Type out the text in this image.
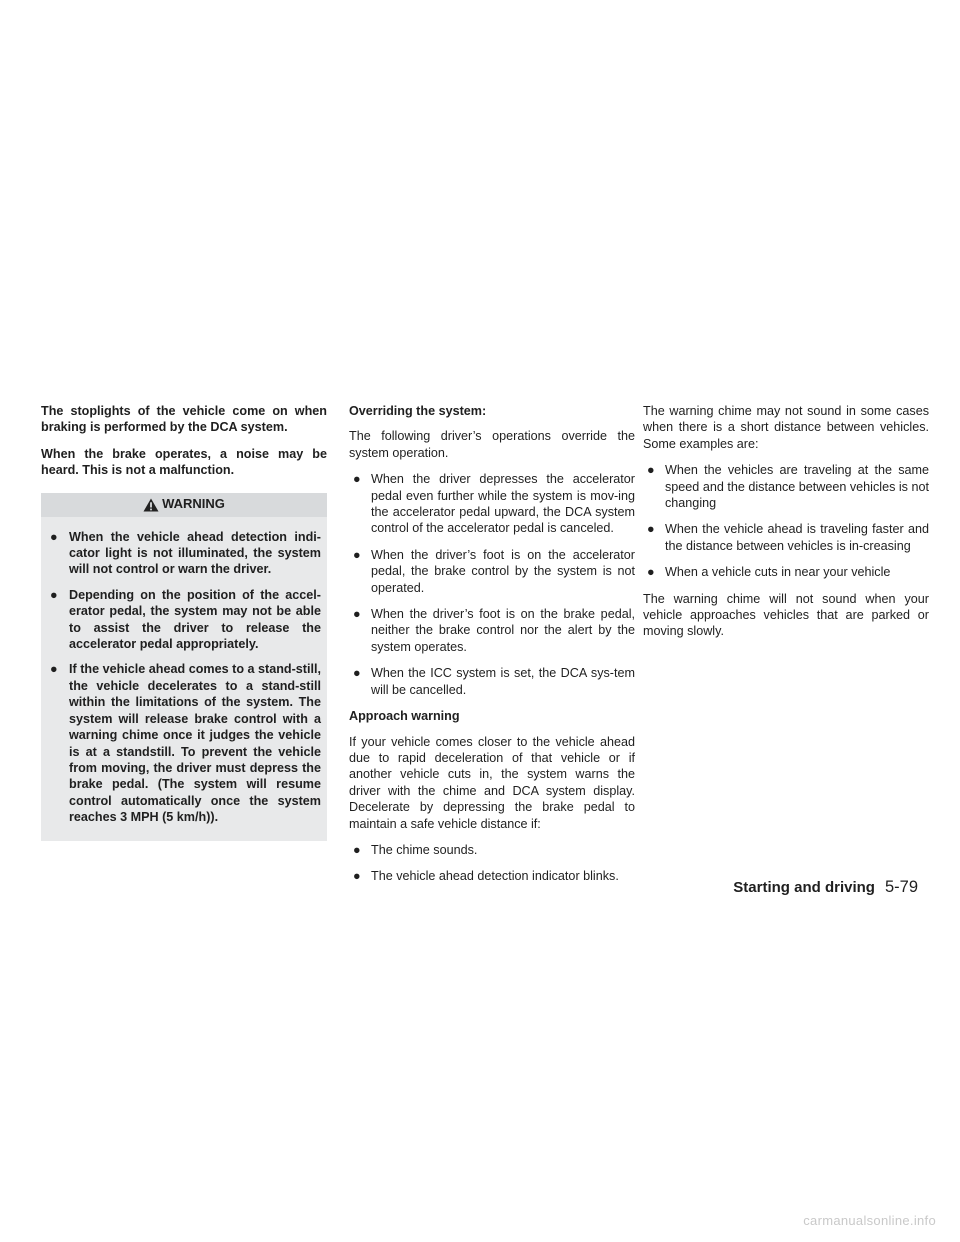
The stoplights of the vehicle come on when braking is performed by the DCA system.

When the brake operates, a noise may be heard. This is not a malfunction.

WARNING
● When the vehicle ahead detection indi-cator light is not illuminated, the system will not control or warn the driver.
● Depending on the position of the accel-erator pedal, the system may not be able to assist the driver to release the accelerator pedal appropriately.
● If the vehicle ahead comes to a stand-still, the vehicle decelerates to a stand-still within the limitations of the system. The system will release brake control with a warning chime once it judges the vehicle is at a standstill. To prevent the vehicle from moving, the driver must depress the brake pedal. (The system will resume control automatically once the system reaches 3 MPH (5 km/h)).
Overriding the system:

The following driver’s operations override the system operation.

● When the driver depresses the accelerator pedal even further while the system is mov-ing the accelerator pedal upward, the DCA system control of the accelerator pedal is canceled.
● When the driver’s foot is on the accelerator pedal, the brake control by the system is not operated.
● When the driver’s foot is on the brake pedal, neither the brake control nor the alert by the system operates.
● When the ICC system is set, the DCA sys-tem will be cancelled.
Approach warning

If your vehicle comes closer to the vehicle ahead due to rapid deceleration of that vehicle or if another vehicle cuts in, the system warns the driver with the chime and DCA system display. Decelerate by depressing the brake pedal to maintain a safe vehicle distance if:

● The chime sounds.
● The vehicle ahead detection indicator blinks.

The warning chime may not sound in some cases when there is a short distance between vehicles. Some examples are:

● When the vehicles are traveling at the same speed and the distance between vehicles is not changing
● When the vehicle ahead is traveling faster and the distance between vehicles is in-creasing
● When a vehicle cuts in near your vehicle

The warning chime will not sound when your vehicle approaches vehicles that are parked or moving slowly.

Starting and driving 5-79
carmanualsonline.info
